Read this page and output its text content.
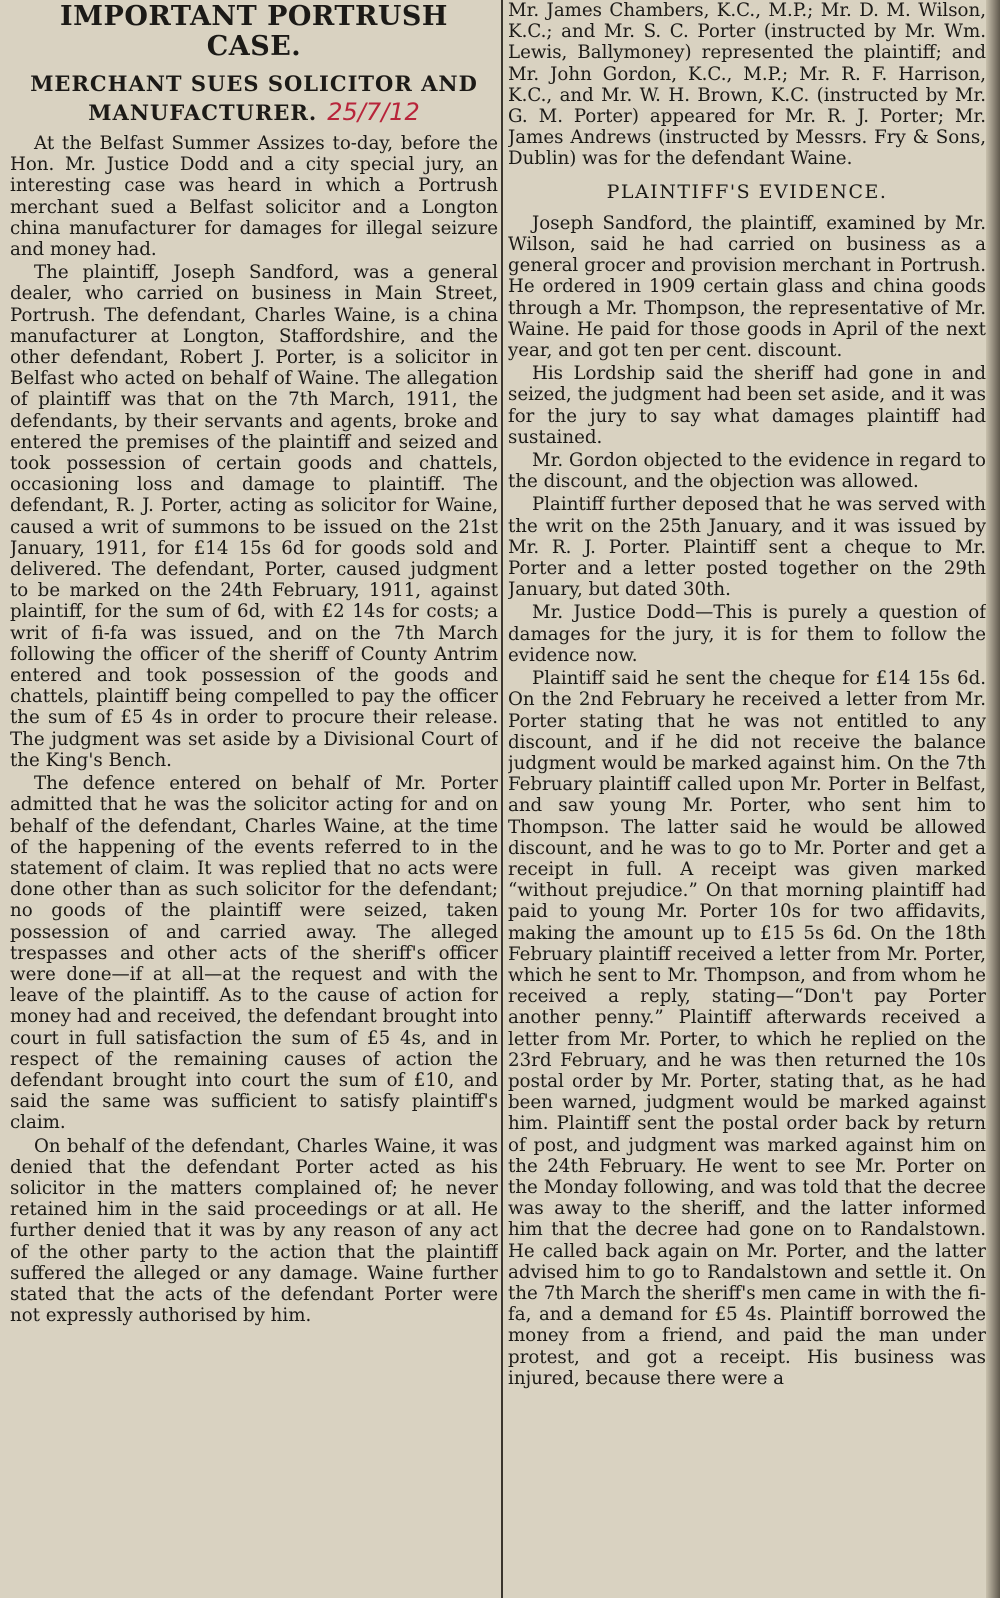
IMPORTANT PORTRUSH CASE.
MERCHANT SUES SOLICITOR AND
MANUFACTURER. 25/7/12

At the Belfast Summer Assizes to-day, before the Hon. Mr. Justice Dodd and a city special jury, an interesting case was heard in which a Portrush merchant sued a Belfast solicitor and a Longton china manufacturer for damages for illegal seizure and money had.

The plaintiff, Joseph Sandford, was a general dealer, who carried on business in Main Street, Portrush. The defendant, Charles Waine, is a china manufacturer at Longton, Staffordshire, and the other defendant, Robert J. Porter, is a solicitor in Belfast who acted on behalf of Waine. The allegation of plaintiff was that on the 7th March, 1911, the defendants, by their servants and agents, broke and entered the premises of the plaintiff and seized and took possession of certain goods and chattels, occasioning loss and damage to plaintiff. The defendant, R. J. Porter, acting as solicitor for Waine, caused a writ of summons to be issued on the 21st January, 1911, for £14 15s 6d for goods sold and delivered. The defendant, Porter, caused judgment to be marked on the 24th February, 1911, against plaintiff, for the sum of 6d, with £2 14s for costs; a writ of fi-fa was issued, and on the 7th March following the officer of the sheriff of County Antrim entered and took possession of the goods and chattels, plaintiff being compelled to pay the officer the sum of £5 4s in order to procure their release. The judgment was set aside by a Divisional Court of the King's Bench.

The defence entered on behalf of Mr. Porter admitted that he was the solicitor acting for and on behalf of the defendant, Charles Waine, at the time of the happening of the events referred to in the statement of claim. It was replied that no acts were done other than as such solicitor for the defendant; no goods of the plaintiff were seized, taken possession of and carried away. The alleged trespasses and other acts of the sheriff's officer were done—if at all—at the request and with the leave of the plaintiff. As to the cause of action for money had and received, the defendant brought into court in full satisfaction the sum of £5 4s, and in respect of the remaining causes of action the defendant brought into court the sum of £10, and said the same was sufficient to satisfy plaintiff's claim.

On behalf of the defendant, Charles Waine, it was denied that the defendant Porter acted as his solicitor in the matters complained of; he never retained him in the said proceedings or at all. He further denied that it was by any reason of any act of the other party to the action that the plaintiff suffered the alleged or any damage. Waine further stated that the acts of the defendant Porter were not expressly authorised by him.

Mr. James Chambers, K.C., M.P.; Mr. D. M. Wilson, K.C.; and Mr. S. C. Porter (instructed by Mr. Wm. Lewis, Ballymoney) represented the plaintiff; and Mr. John Gordon, K.C., M.P.; Mr. R. F. Harrison, K.C., and Mr. W. H. Brown, K.C. (instructed by Mr. G. M. Porter) appeared for Mr. R. J. Porter; Mr. James Andrews (instructed by Messrs. Fry & Sons, Dublin) was for the defendant Waine.

PLAINTIFF'S EVIDENCE.

Joseph Sandford, the plaintiff, examined by Mr. Wilson, said he had carried on business as a general grocer and provision merchant in Portrush. He ordered in 1909 certain glass and china goods through a Mr. Thompson, the representative of Mr. Waine. He paid for those goods in April of the next year, and got ten per cent. discount.

His Lordship said the sheriff had gone in and seized, the judgment had been set aside, and it was for the jury to say what damages plaintiff had sustained.

Mr. Gordon objected to the evidence in regard to the discount, and the objection was allowed.

Plaintiff further deposed that he was served with the writ on the 25th January, and it was issued by Mr. R. J. Porter. Plaintiff sent a cheque to Mr. Porter and a letter posted together on the 29th January, but dated 30th.

Mr. Justice Dodd—This is purely a question of damages for the jury, it is for them to follow the evidence now.

Plaintiff said he sent the cheque for £14 15s 6d. On the 2nd February he received a letter from Mr. Porter stating that he was not entitled to any discount, and if he did not receive the balance judgment would be marked against him. On the 7th February plaintiff called upon Mr. Porter in Belfast, and saw young Mr. Porter, who sent him to Thompson. The latter said he would be allowed discount, and he was to go to Mr. Porter and get a receipt in full. A receipt was given marked “without prejudice.” On that morning plaintiff had paid to young Mr. Porter 10s for two affidavits, making the amount up to £15 5s 6d. On the 18th February plaintiff received a letter from Mr. Porter, which he sent to Mr. Thompson, and from whom he received a reply, stating—“Don't pay Porter another penny.” Plaintiff afterwards received a letter from Mr. Porter, to which he replied on the 23rd February, and he was then returned the 10s postal order by Mr. Porter, stating that, as he had been warned, judgment would be marked against him. Plaintiff sent the postal order back by return of post, and judgment was marked against him on the 24th February. He went to see Mr. Porter on the Monday following, and was told that the decree was away to the sheriff, and the latter informed him that the decree had gone on to Randalstown. He called back again on Mr. Porter, and the latter advised him to go to Randalstown and settle it. On the 7th March the sheriff's men came in with the fi-fa, and a demand for £5 4s. Plaintiff borrowed the money from a friend, and paid the man under protest, and got a receipt. His business was injured, because there were a
